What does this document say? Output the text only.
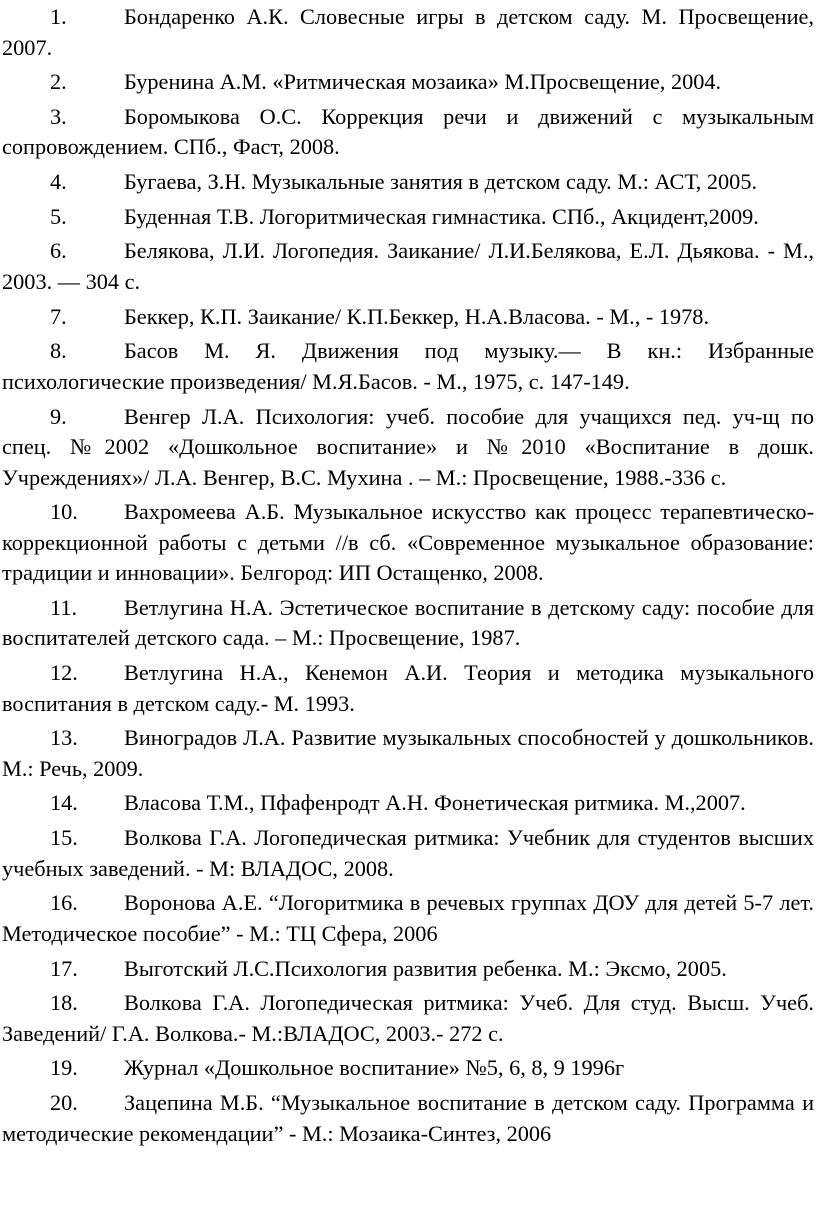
1.	Бондаренко А.К. Словесные игры в детском саду. М. Просвещение, 2007.
2.	Буренина А.М. «Ритмическая мозаика» М.Просвещение, 2004.
3.	Боромыкова О.С. Коррекция речи и движений с музыкальным сопровождением. СПб., Фаст, 2008.
4.	Бугаева, З.Н. Музыкальные занятия в детском саду. М.: АСТ, 2005.
5.	Буденная Т.В. Логоритмическая гимнастика. СПб., Акцидент,2009.
6.	Белякова, Л.И. Логопедия. Заикание/ Л.И.Белякова, Е.Л. Дьякова. - М., 2003. — 304 с.
7.	Беккер, К.П. Заикание/ К.П.Беккер, Н.А.Власова. - М., - 1978.
8.	Басов М. Я. Движения под музыку.— В кн.: Избранные психологические произведения/ М.Я.Басов. - М., 1975, с. 147-149.
9.	Венгер Л.А. Психология: учеб. пособие для учащихся пед. уч-щ по спец. №2002 «Дошкольное воспитание» и №2010 «Воспитание в дошк. Учреждениях»/ Л.А. Венгер, В.С. Мухина . – М.: Просвещение, 1988.-336 с.
10. Вахромеева А.Б. Музыкальное искусство как процесс терапевтическо-коррекционной работы с детьми //в сб. «Современное музыкальное образование: традиции и инновации». Белгород: ИП Остащенко, 2008.
11. Ветлугина Н.А. Эстетическое воспитание в детскому саду: пособие для воспитателей детского сада. – М.: Просвещение, 1987.
12. Ветлугина Н.А., Кенемон А.И. Теория и методика музыкального воспитания в детском саду.- М. 1993.
13. Виноградов Л.А. Развитие музыкальных способностей у дошкольников. М.: Речь, 2009.
14. Власова Т.М., Пфафенродт А.Н. Фонетическая ритмика. М.,2007.
15. Волкова Г.А. Логопедическая ритмика: Учебник для студентов высших учебных заведений. - М: ВЛАДОС, 2008.
16. Воронова А.Е. “Логоритмика в речевых группах ДОУ для детей 5-7 лет. Методическое пособие” - М.: ТЦ Сфера, 2006
17. Выготский Л.С.Психология развития ребенка. М.: Эксмо, 2005.
18. Волкова Г.А. Логопедическая ритмика: Учеб. Для студ. Высш. Учеб. Заведений/ Г.А. Волкова.- М.:ВЛАДОС, 2003.- 272 с.
19. Журнал «Дошкольное воспитание» №5, 6, 8, 9 1996г
20. Зацепина М.Б. “Музыкальное воспитание в детском саду. Программа и методические рекомендации” - М.: Мозаика-Синтез, 2006
